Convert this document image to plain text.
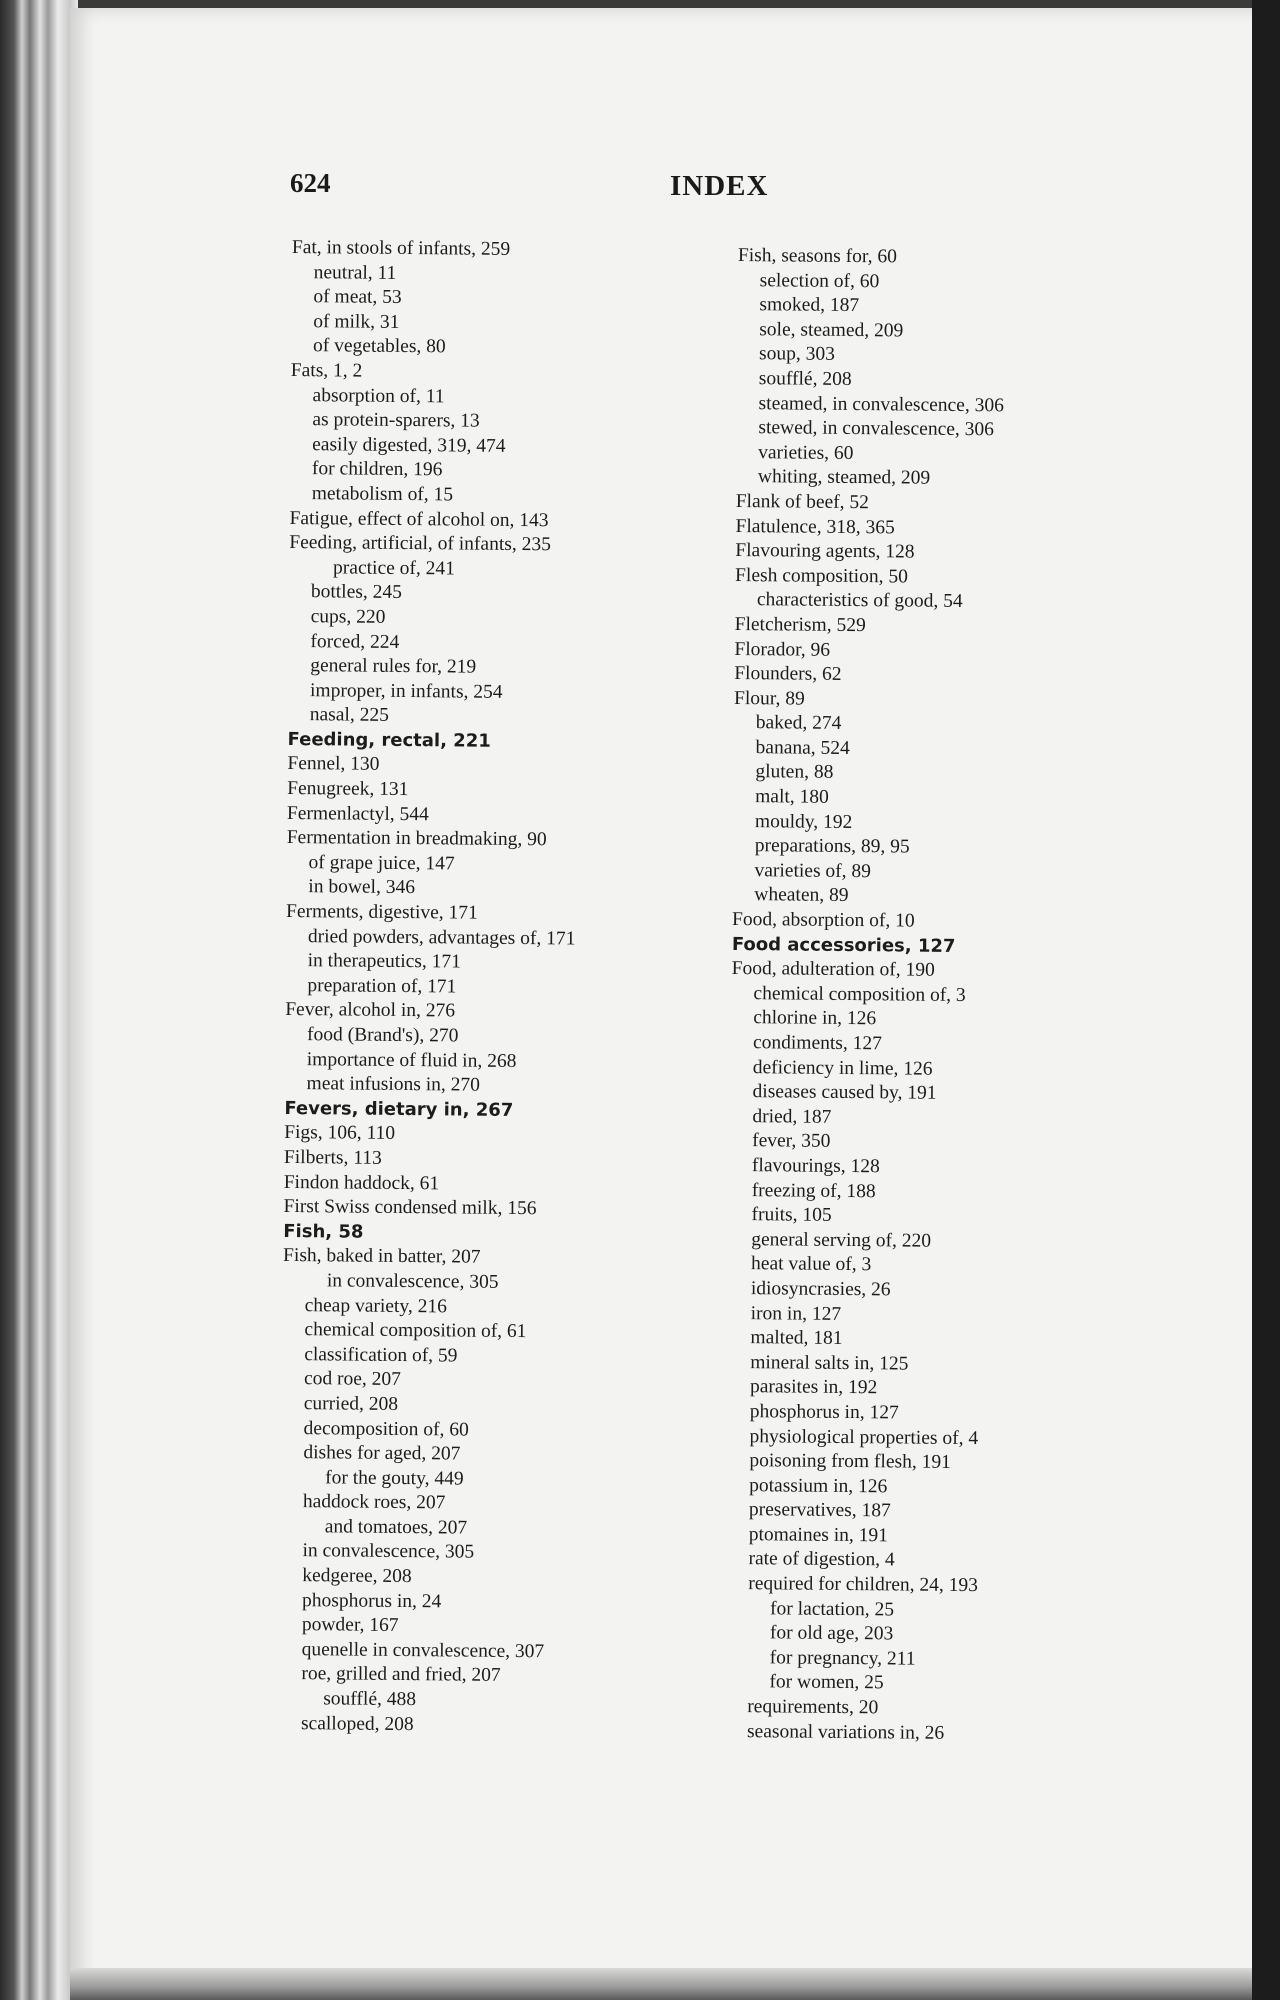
624	INDEX
Fat, in stools of infants, 259
neutral, 11
of meat, 53
of milk, 31
of vegetables, 80
Fats, 1, 2
absorption of, 11
as protein-sparers, 13
easily digested, 319, 474
for children, 196
metabolism of, 15
Fatigue, effect of alcohol on, 143
Feeding, artificial, of infants, 235
practice of, 241
bottles, 245
cups, 220
forced, 224
general rules for, 219
improper, in infants, 254
nasal, 225
Feeding, rectal, 221
Fennel, 130
Fenugreek, 131
Fermenlactyl, 544
Fermentation in breadmaking, 90
of grape juice, 147
in bowel, 346
Ferments, digestive, 171
dried powders, advantages of, 171
in therapeutics, 171
preparation of, 171
Fever, alcohol in, 276
food (Brand's), 270
importance of fluid in, 268
meat infusions in, 270
Fevers, dietary in, 267
Figs, 106, 110
Filberts, 113
Findon haddock, 61
First Swiss condensed milk, 156
Fish, 58
Fish, baked in batter, 207
in convalescence, 305
cheap variety, 216
chemical composition of, 61
classification of, 59
cod roe, 207
curried, 208
decomposition of, 60
dishes for aged, 207
for the gouty, 449
haddock roes, 207
and tomatoes, 207
in convalescence, 305
kedgeree, 208
phosphorus in, 24
powder, 167
quenelle in convalescence, 307
roe, grilled and fried, 207
soufflé, 488
scalloped, 208
Fish, seasons for, 60
selection of, 60
smoked, 187
sole, steamed, 209
soup, 303
soufflé, 208
steamed, in convalescence, 306
stewed, in convalescence, 306
varieties, 60
whiting, steamed, 209
Flank of beef, 52
Flatulence, 318, 365
Flavouring agents, 128
Flesh composition, 50
characteristics of good, 54
Fletcherism, 529
Florador, 96
Flounders, 62
Flour, 89
baked, 274
banana, 524
gluten, 88
malt, 180
mouldy, 192
preparations, 89, 95
varieties of, 89
wheaten, 89
Food, absorption of, 10
Food accessories, 127
Food, adulteration of, 190
chemical composition of, 3
chlorine in, 126
condiments, 127
deficiency in lime, 126
diseases caused by, 191
dried, 187
fever, 350
flavourings, 128
freezing of, 188
fruits, 105
general serving of, 220
heat value of, 3
idiosyncrasies, 26
iron in, 127
malted, 181
mineral salts in, 125
parasites in, 192
phosphorus in, 127
physiological properties of, 4
poisoning from flesh, 191
potassium in, 126
preservatives, 187
ptomaines in, 191
rate of digestion, 4
required for children, 24, 193
for lactation, 25
for old age, 203
for pregnancy, 211
for women, 25
requirements, 20
seasonal variations in, 26
